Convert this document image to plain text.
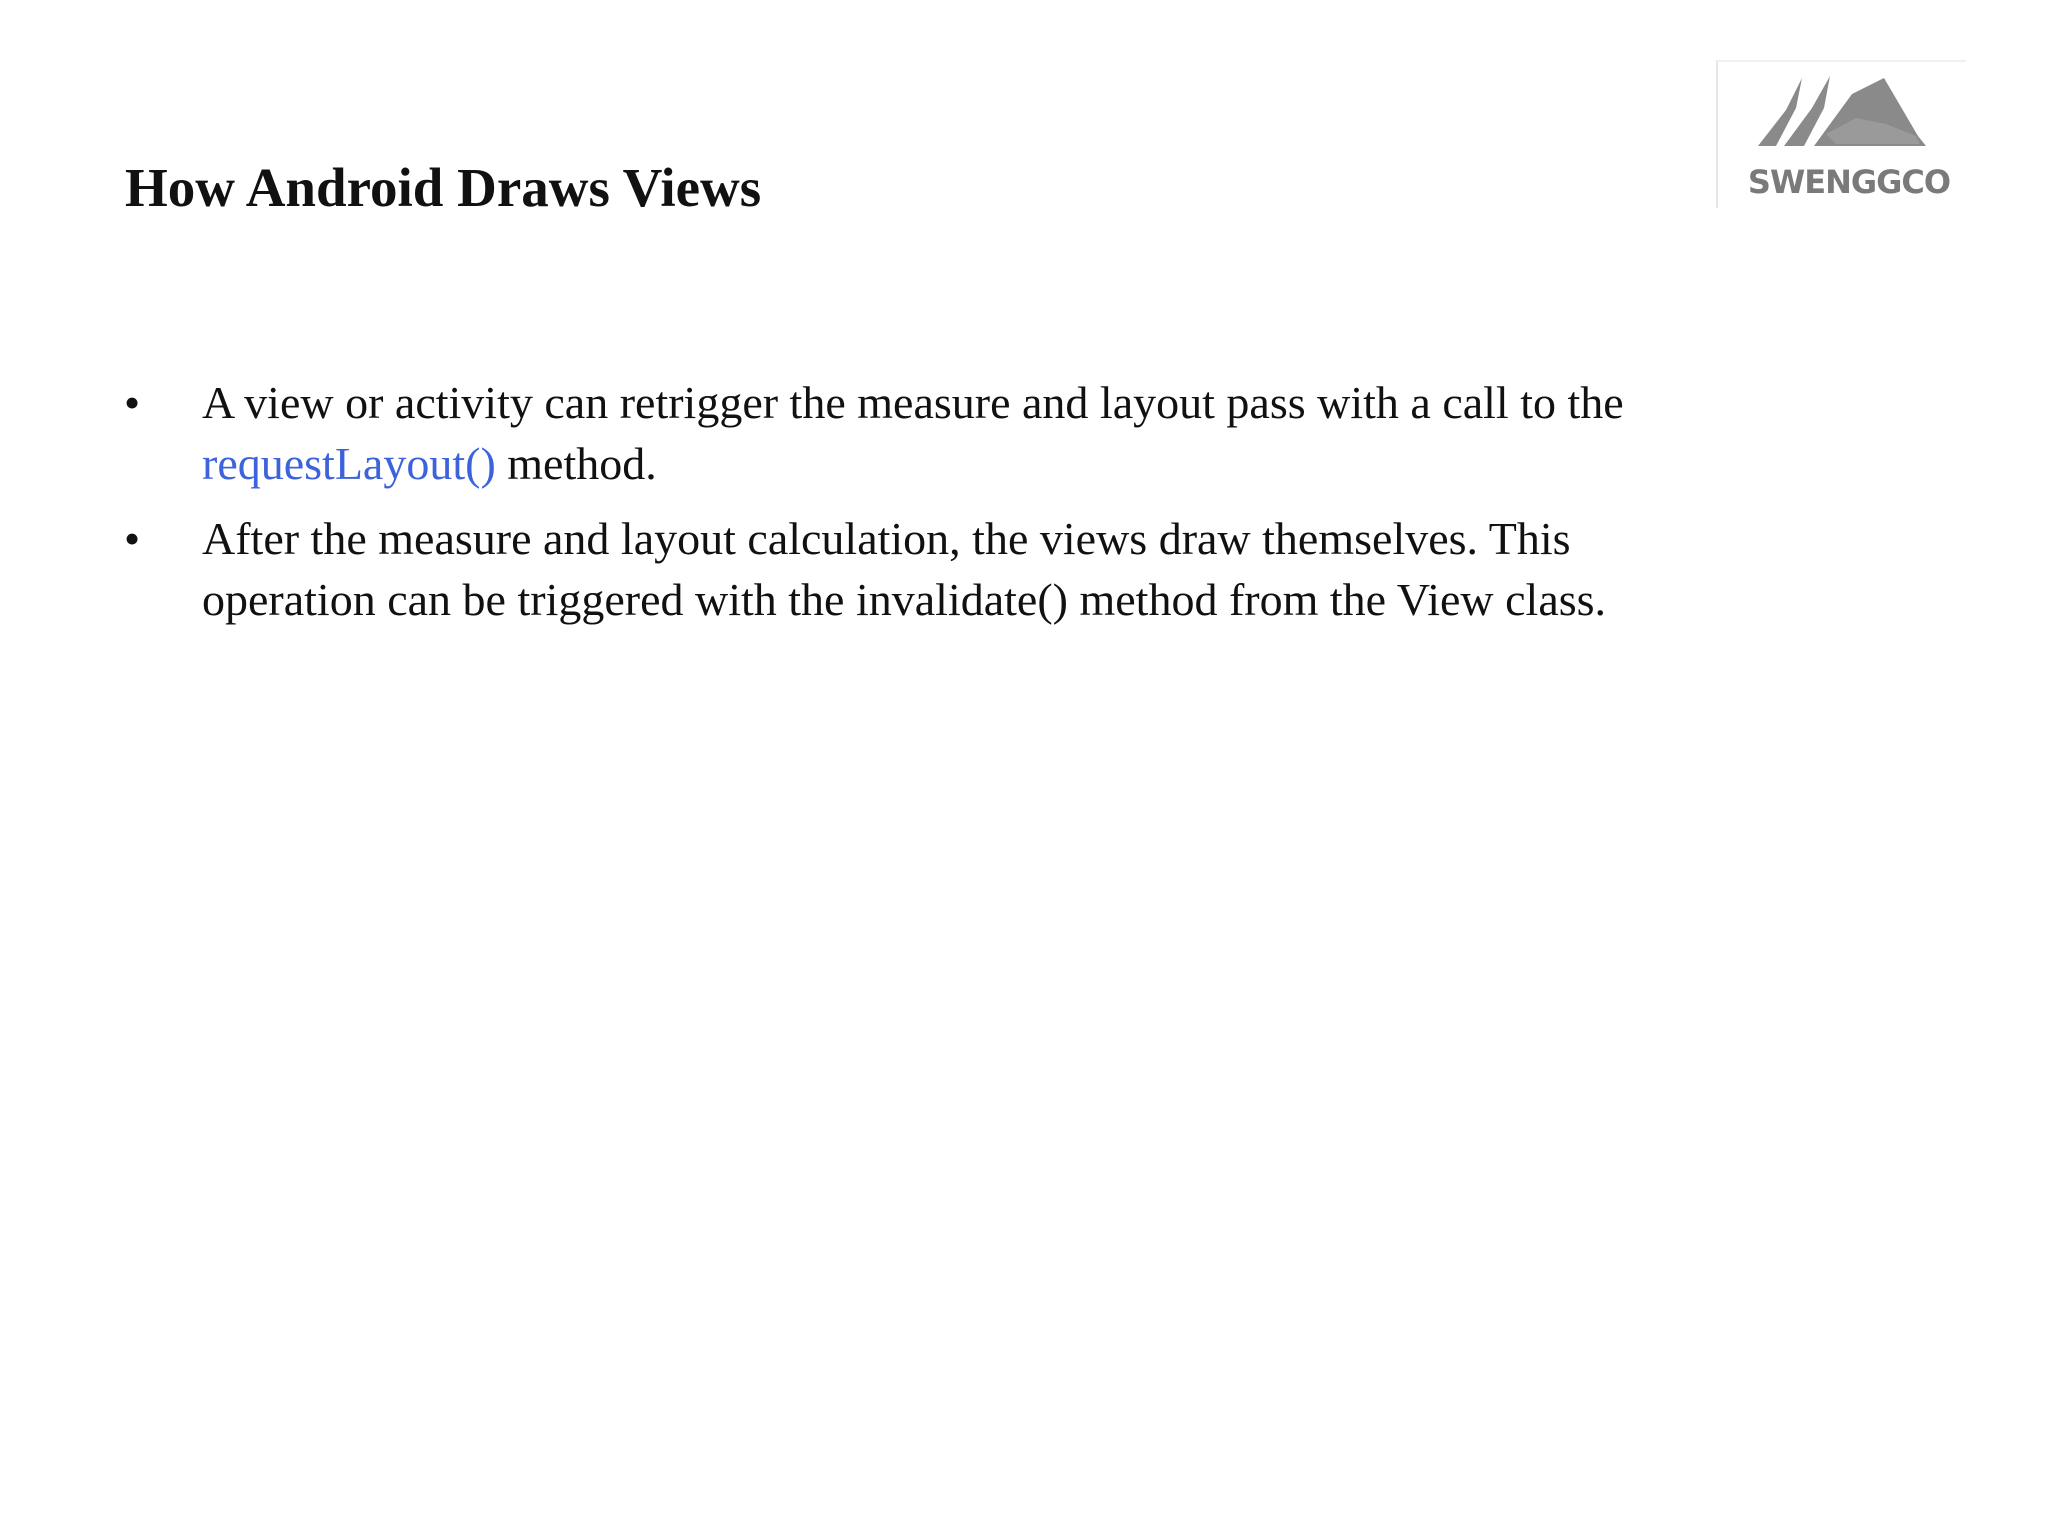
How Android Draws Views	SWENGGCO
• A view or activity can retrigger the measure and layout pass with a call to the
requestLayout() method.
• After the measure and layout calculation, the views draw themselves. This
operation can be triggered with the invalidate() method from the View class.
